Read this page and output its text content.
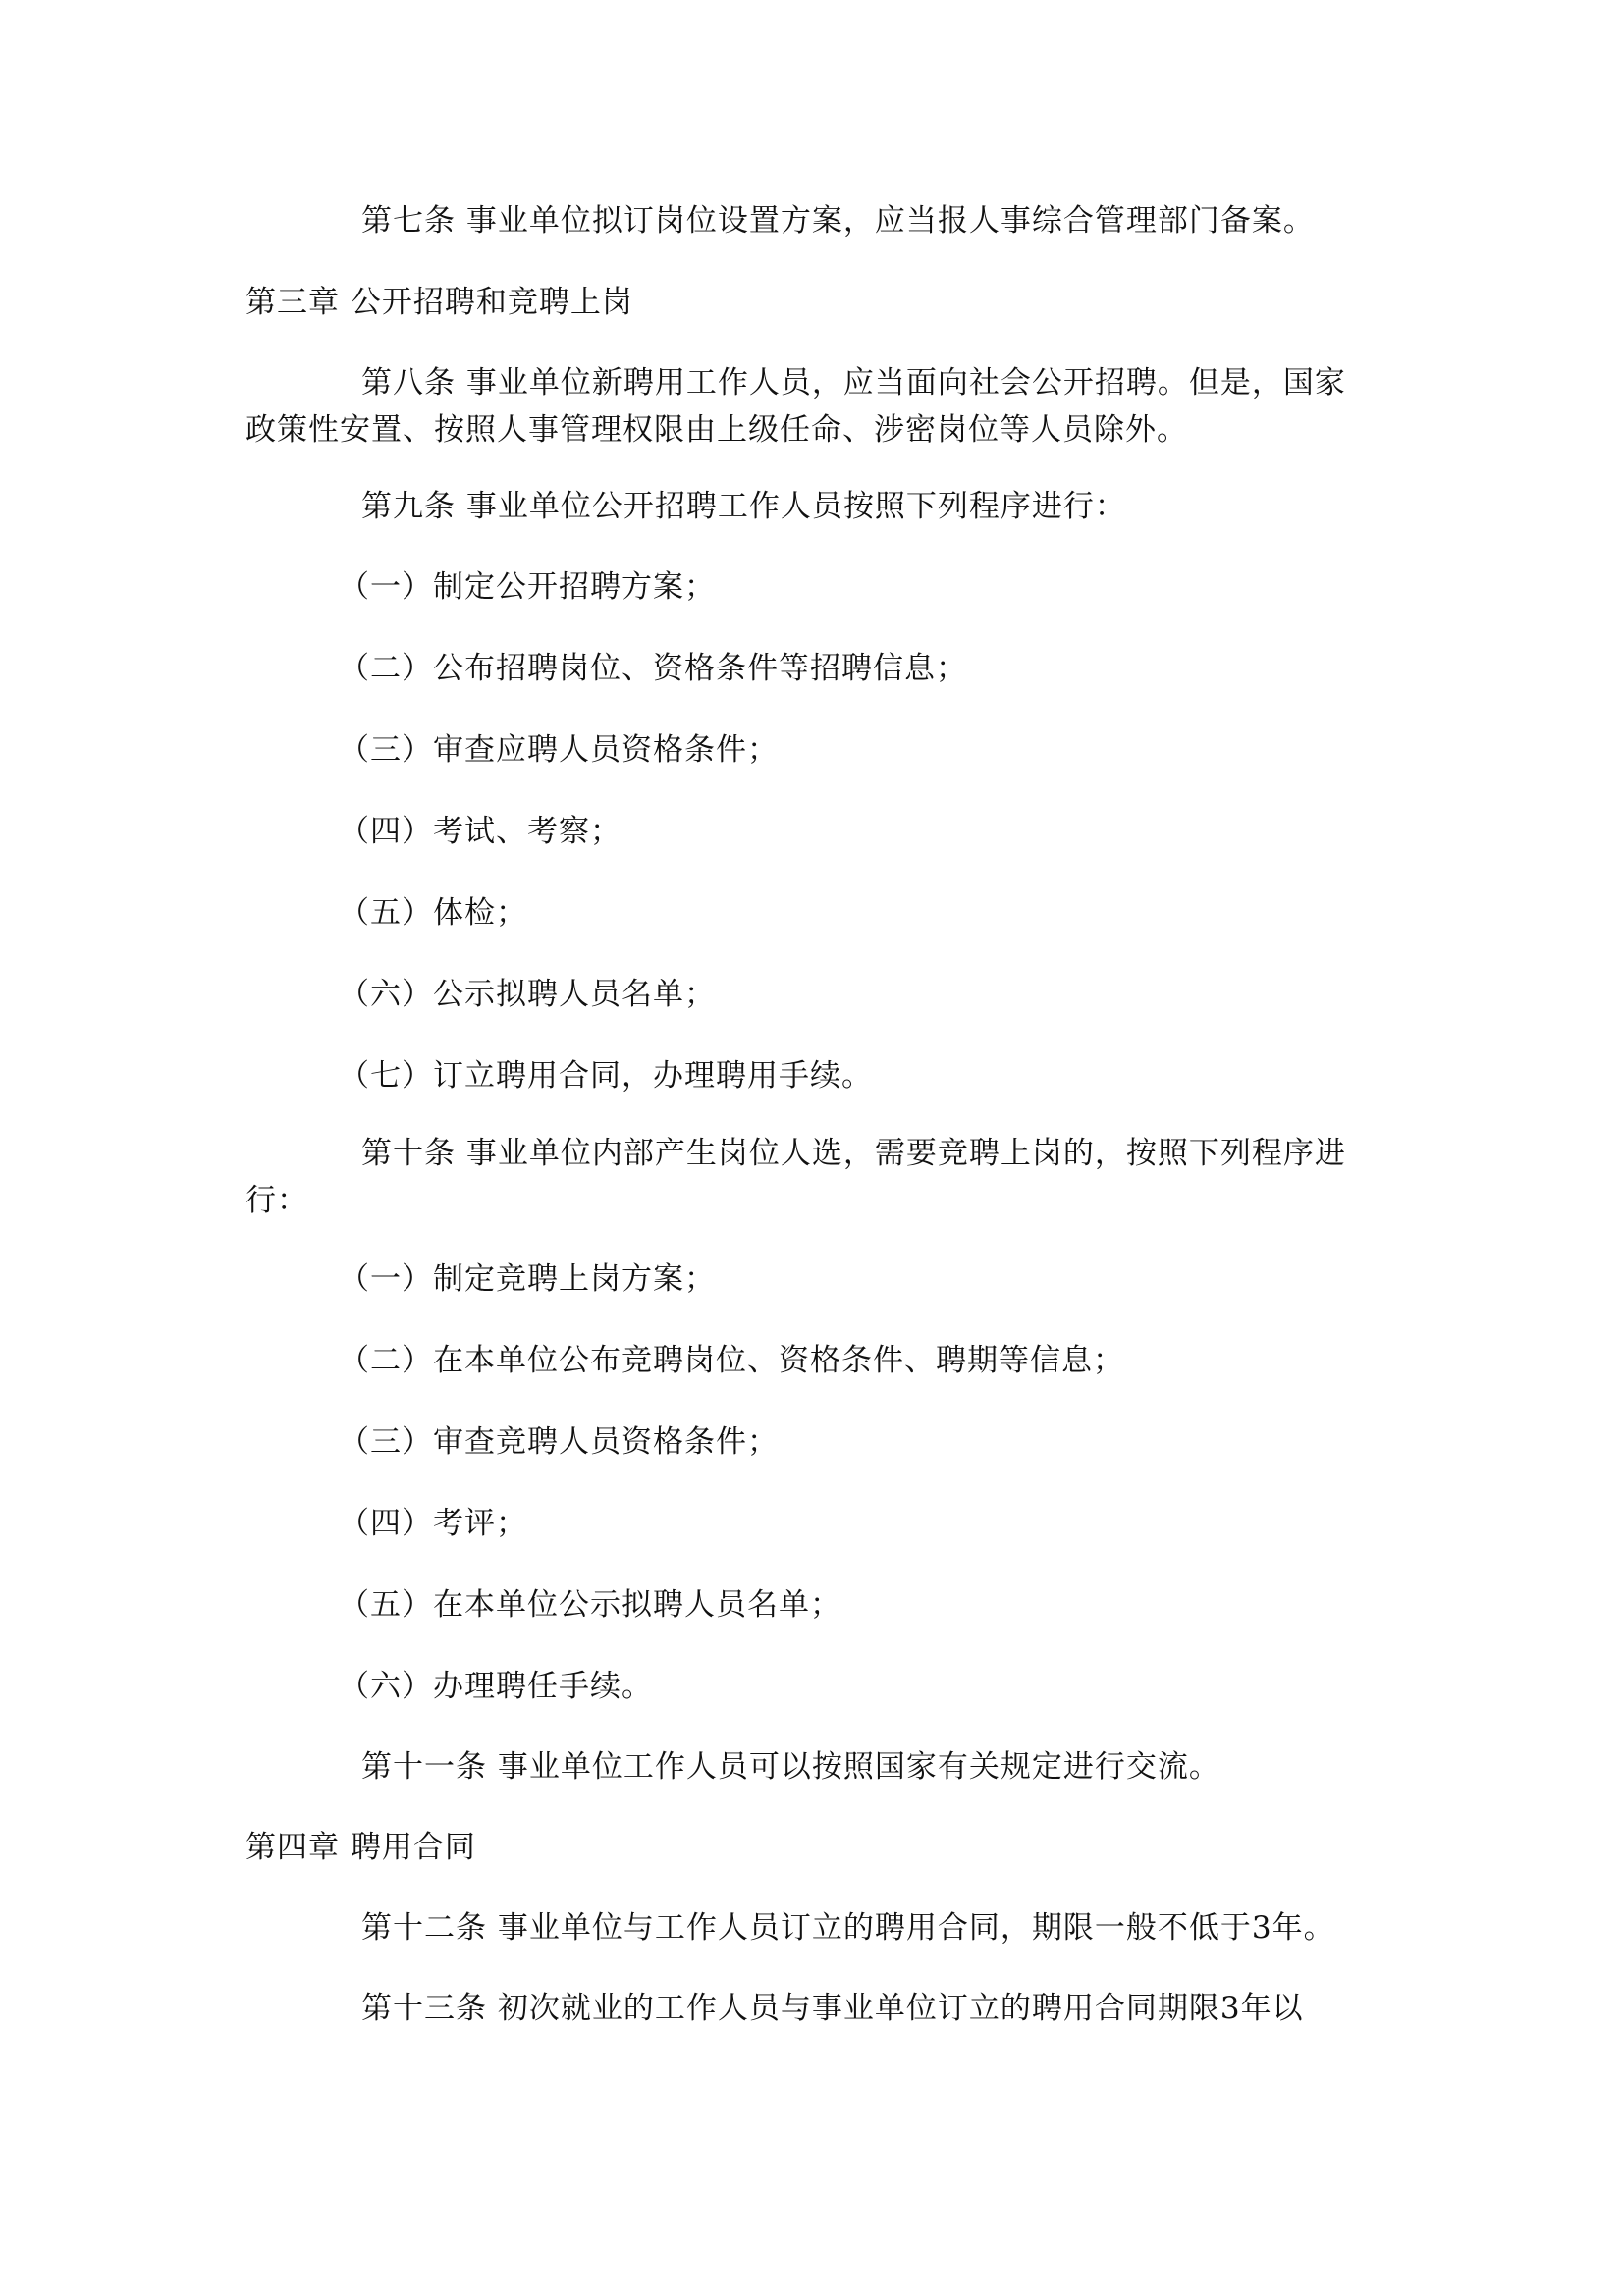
第七条 事业单位拟订岗位设置方案，应当报人事综合管理部门备案。
第三章 公开招聘和竞聘上岗
第八条 事业单位新聘用工作人员，应当面向社会公开招聘。但是，国家
政策性安置、按照人事管理权限由上级任命、涉密岗位等人员除外。
第九条 事业单位公开招聘工作人员按照下列程序进行：
（一）制定公开招聘方案；
（二）公布招聘岗位、资格条件等招聘信息；
（三）审查应聘人员资格条件；
（四）考试、考察；
（五）体检；
（六）公示拟聘人员名单；
（七）订立聘用合同，办理聘用手续。
第十条 事业单位内部产生岗位人选，需要竞聘上岗的，按照下列程序进
行：
（一）制定竞聘上岗方案；
（二）在本单位公布竞聘岗位、资格条件、聘期等信息；
（三）审查竞聘人员资格条件；
（四）考评；
（五）在本单位公示拟聘人员名单；
（六）办理聘任手续。
第十一条 事业单位工作人员可以按照国家有关规定进行交流。
第四章 聘用合同
第十二条 事业单位与工作人员订立的聘用合同，期限一般不低于3年。
第十三条 初次就业的工作人员与事业单位订立的聘用合同期限3年以
